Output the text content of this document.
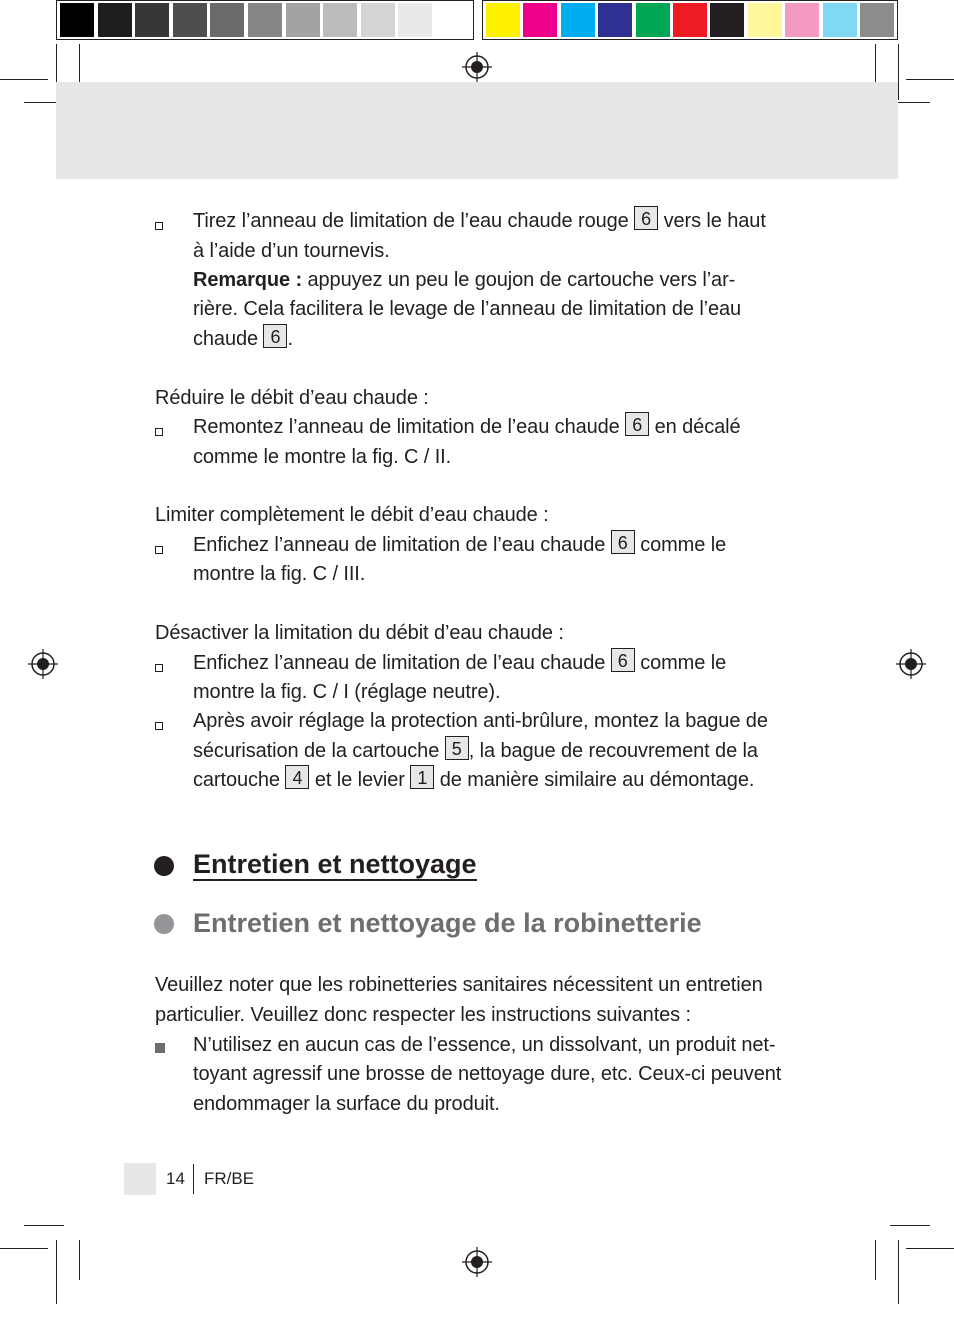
Tirez l’anneau de limitation de l’eau chaude rouge 6 vers le haut
à l’aide d’un tournevis.
Remarque : appuyez un peu le goujon de cartouche vers l’ar-
rière. Cela facilitera le levage de l’anneau de limitation de l’eau
chaude 6 .
Réduire le débit d’eau chaude :
Remontez l’anneau de limitation de l’eau chaude 6 en décalé
comme le montre la fig. C / II.
Limiter complètement le débit d’eau chaude :
Enfichez l’anneau de limitation de l’eau chaude 6 comme le
montre la fig. C / III.
Désactiver la limitation du débit d’eau chaude :
Enfichez l’anneau de limitation de l’eau chaude 6 comme le
montre la fig. C / I (réglage neutre).
Après avoir réglage la protection anti-brûlure, montez la bague de
sécurisation de la cartouche 5 , la bague de recouvrement de la
cartouche 4 et le levier 1 de manière similaire au démontage.
Entretien et nettoyage
Entretien et nettoyage de la robinetterie
Veuillez noter que les robinetteries sanitaires nécessitent un entretien
particulier. Veuillez donc respecter les instructions suivantes :
N’utilisez en aucun cas de l’essence, un dissolvant, un produit net-
toyant agressif une brosse de nettoyage dure, etc. Ceux-ci peuvent
endommager la surface du produit.
14 FR/BE
